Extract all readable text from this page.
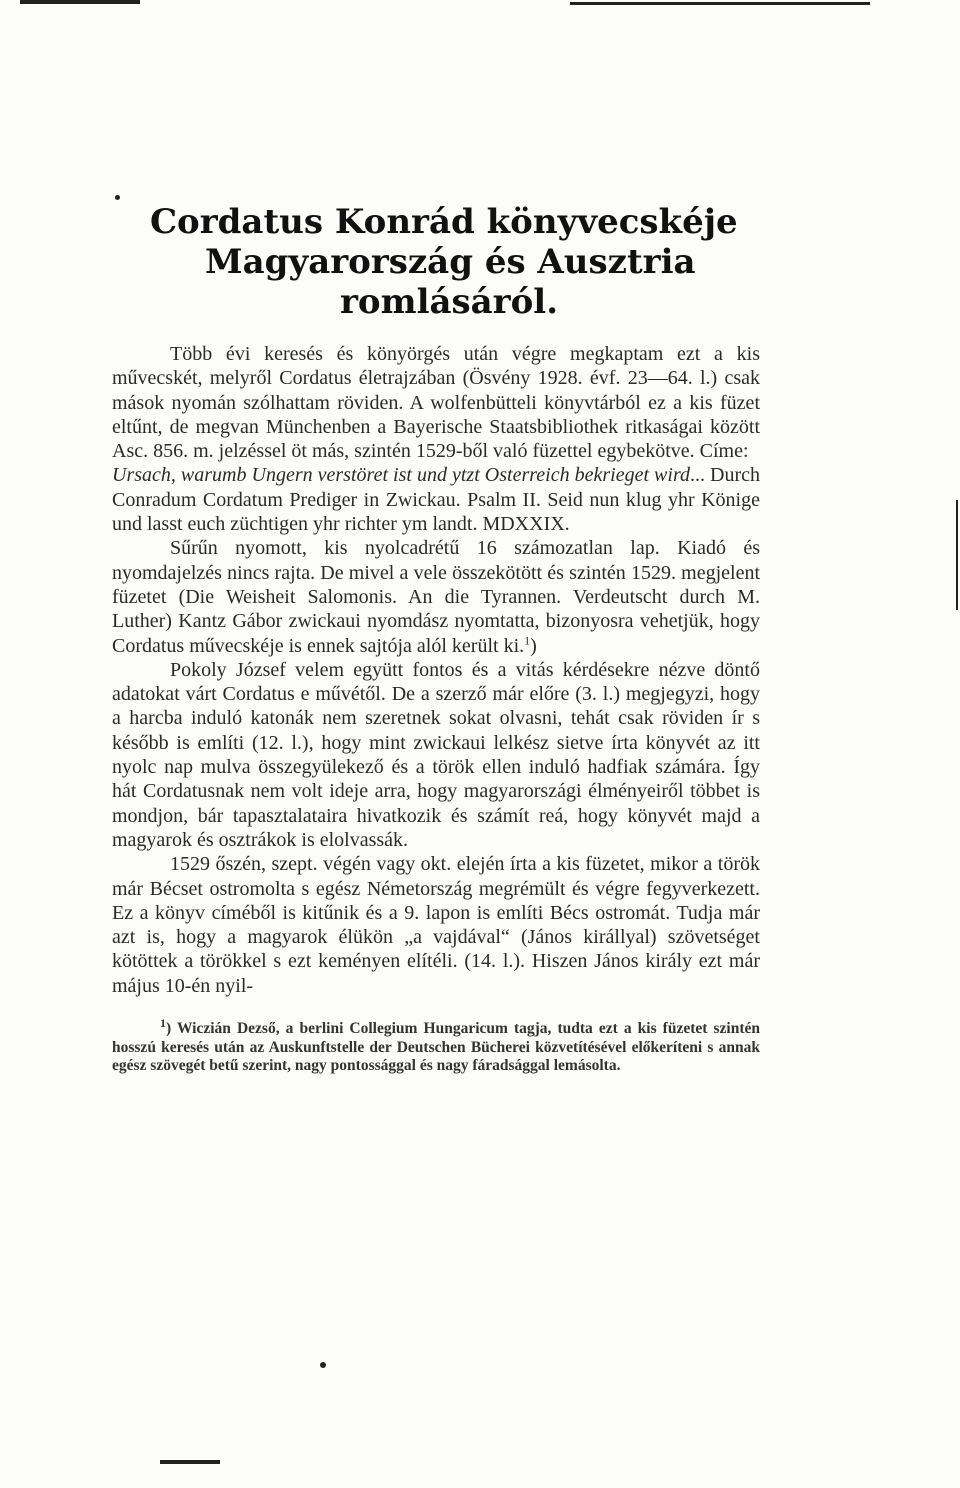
Cordatus Konrád könyvecskéje
Magyarország és Ausztria
romlásáról.

Több évi keresés és könyörgés után végre megkaptam ezt a kis művecskét, melyről Cordatus életrajzában (Ösvény 1928. évf. 23—64. l.) csak mások nyomán szólhattam röviden. A wolfenbütteli könyvtárból ez a kis füzet eltűnt, de megvan Münchenben a Bayerische Staatsbibliothek ritkaságai között Asc. 856. m. jelzéssel öt más, szintén 1529-ből való füzettel egybekötve. Címe:

Ursach, warumb Ungern verstöret ist und ytzt Osterreich bekrieget wird... Durch Conradum Cordatum Prediger in Zwickau. Psalm II. Seid nun klug yhr Könige und lasst euch züchtigen yhr richter ym landt. MDXXIX.

Sűrűn nyomott, kis nyolcadrétű 16 számozatlan lap. Kiadó és nyomdajelzés nincs rajta. De mivel a vele összekötött és szintén 1529. megjelent füzetet (Die Weisheit Salomonis. An die Tyrannen. Verdeutscht durch M. Luther) Kantz Gábor zwickaui nyomdász nyomtatta, bizonyosra vehetjük, hogy Cordatus művecskéje is ennek sajtója alól került ki.$^1$)

Pokoly József velem együtt fontos és a vitás kérdésekre nézve döntő adatokat várt Cordatus e művétől. De a szerző már előre (3. l.) megjegyzi, hogy a harcba induló katonák nem szeretnek sokat olvasni, tehát csak röviden ír s később is említi (12. l.), hogy mint zwickaui lelkész sietve írta könyvét az itt nyolc nap mulva összegyülekező és a török ellen induló hadfiak számára. Így hát Cordatusnak nem volt ideje arra, hogy magyarországi élményeiről többet is mondjon, bár tapasztalataira hivatkozik és számít reá, hogy könyvét majd a magyarok és osztrákok is elolvassák.

1529 őszén, szept. végén vagy okt. elején írta a kis füzetet, mikor a török már Bécset ostromolta s egész Németország megrémült és végre fegyverkezett. Ez a könyv címéből is kitűnik és a 9. lapon is említi Bécs ostromát. Tudja már azt is, hogy a magyarok élükön „a vajdával“ (János királlyal) szövetséget kötöttek a törökkel s ezt keményen elítéli. (14. l.). Hiszen János király ezt már május 10-én nyil-

$^1$) Wiczián Dezső, a berlini Collegium Hungaricum tagja, tudta ezt a kis füzetet szintén hosszú keresés után az Auskunftstelle der Deutschen Bücherei közvetítésével előkeríteni s annak egész szövegét betű szerint, nagy pontossággal és nagy fáradsággal lemásolta.
